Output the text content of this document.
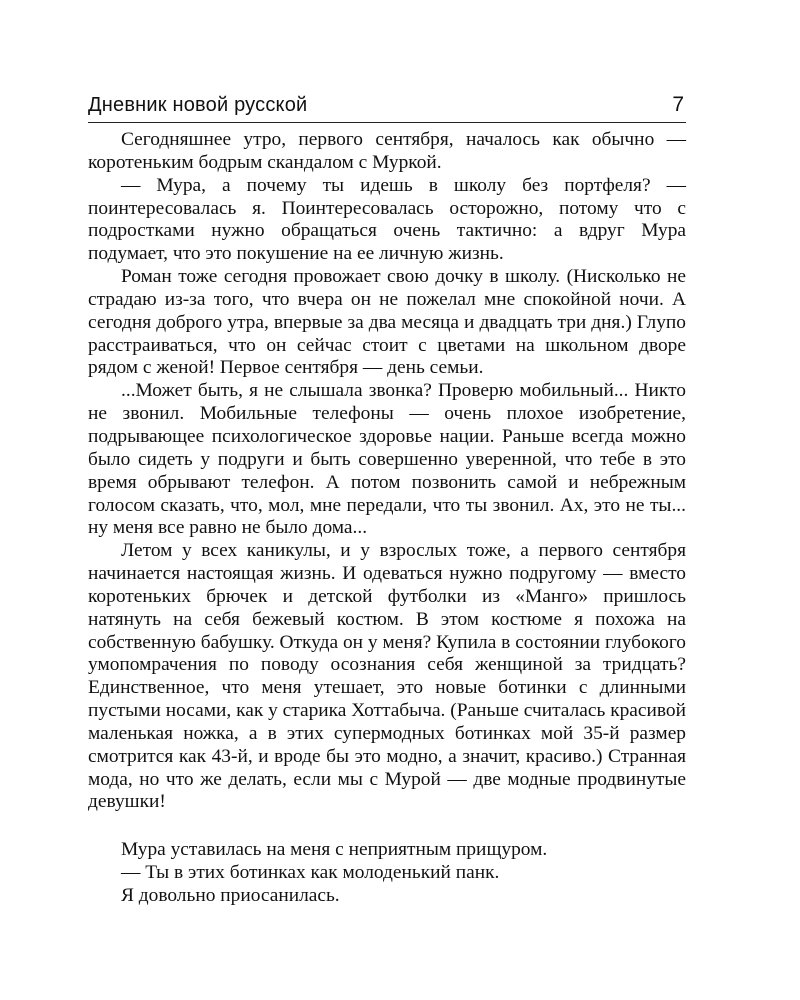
Дневник новой русской	7

Сегодняшнее утро, первого сентября, началось как обычно — коротеньким бодрым скандалом с Муркой.

— Мура, а почему ты идешь в школу без портфеля? — поинтересовалась я. Поинтересовалась осторожно, потому что с подростками нужно обращаться очень тактично: а вдруг Мура подумает, что это покушение на ее личную жизнь.

Роман тоже сегодня провожает свою дочку в школу. (Нисколько не страдаю из-за того, что вчера он не пожелал мне спокойной ночи. А сегодня доброго утра, впервые за два месяца и двадцать три дня.) Глупо расстраиваться, что он сейчас стоит с цветами на школьном дворе рядом с женой! Первое сентября — день семьи.

...Может быть, я не слышала звонка? Проверю мобильный... Никто не звонил. Мобильные телефоны — очень плохое изобретение, подрывающее психологическое здоровье нации. Раньше всегда можно было сидеть у подруги и быть совершенно уверенной, что тебе в это время обрывают телефон. А потом позвонить самой и небрежным голосом сказать, что, мол, мне передали, что ты звонил. Ах, это не ты... ну меня все равно не было дома...

Летом у всех каникулы, и у взрослых тоже, а первого сентября начинается настоящая жизнь. И одеваться нужно подругому — вместо коротеньких брючек и детской футболки из «Манго» пришлось натянуть на себя бежевый костюм. В этом костюме я похожа на собственную бабушку. Откуда он у меня? Купила в состоянии глубокого умопомрачения по поводу осознания себя женщиной за тридцать? Единственное, что меня утешает, это новые ботинки с длинными пустыми носами, как у старика Хоттабыча. (Раньше считалась красивой маленькая ножка, а в этих супермодных ботинках мой 35-й размер смотрится как 43-й, и вроде бы это модно, а значит, красиво.) Странная мода, но что же делать, если мы с Мурой — две модные продвинутые девушки!

Мура уставилась на меня с неприятным прищуром.

— Ты в этих ботинках как молоденький панк.

Я довольно приосанилась.
